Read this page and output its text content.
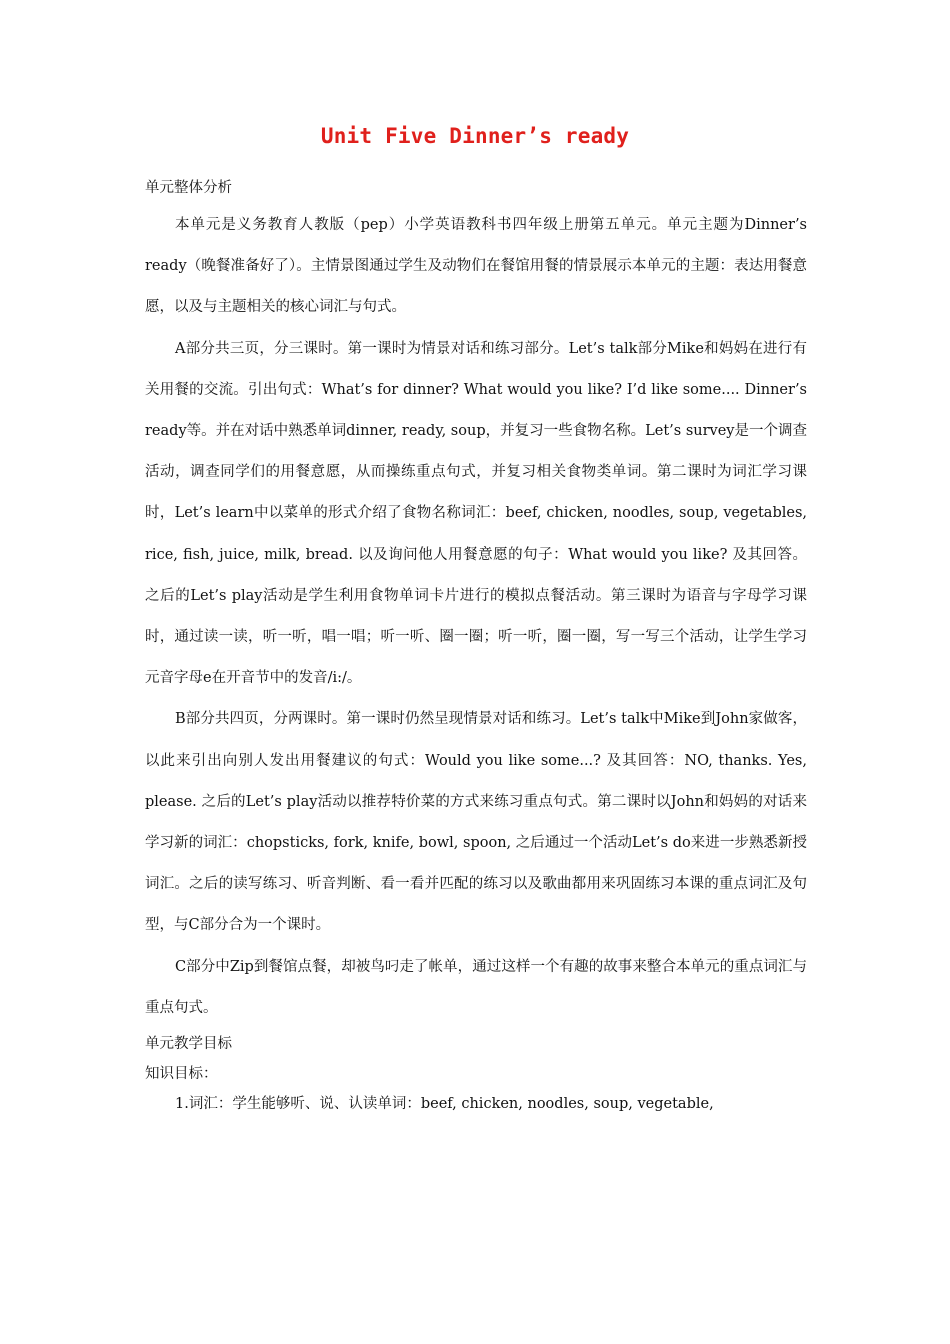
Unit Five Dinner’s ready

单元整体分析

本单元是义务教育人教版（pep）小学英语教科书四年级上册第五单元。单元主题为Dinner’s ready（晚餐准备好了）。主情景图通过学生及动物们在餐馆用餐的情景展示本单元的主题：表达用餐意愿，以及与主题相关的核心词汇与句式。

A部分共三页，分三课时。第一课时为情景对话和练习部分。Let’s talk部分Mike和妈妈在进行有关用餐的交流。引出句式：What’s for dinner? What would you like? I’d like some.... Dinner’s ready等。并在对话中熟悉单词dinner, ready, soup，并复习一些食物名称。Let’s survey是一个调查活动，调查同学们的用餐意愿，从而操练重点句式，并复习相关食物类单词。第二课时为词汇学习课时，Let’s learn中以菜单的形式介绍了食物名称词汇：beef, chicken, noodles, soup, vegetables, rice, fish, juice, milk, bread. 以及询问他人用餐意愿的句子：What would you like? 及其回答。之后的Let’s play活动是学生利用食物单词卡片进行的模拟点餐活动。第三课时为语音与字母学习课时，通过读一读，听一听，唱一唱；听一听、圈一圈；听一听，圈一圈，写一写三个活动，让学生学习元音字母e在开音节中的发音/i:/。

B部分共四页，分两课时。第一课时仍然呈现情景对话和练习。Let’s talk中Mike到John家做客，以此来引出向别人发出用餐建议的句式：Would you like some...? 及其回答：NO, thanks. Yes, please. 之后的Let’s play活动以推荐特价菜的方式来练习重点句式。第二课时以John和妈妈的对话来学习新的词汇：chopsticks, fork, knife, bowl, spoon, 之后通过一个活动Let’s do来进一步熟悉新授词汇。之后的读写练习、听音判断、看一看并匹配的练习以及歌曲都用来巩固练习本课的重点词汇及句型，与C部分合为一个课时。

C部分中Zip到餐馆点餐，却被鸟叼走了帐单，通过这样一个有趣的故事来整合本单元的重点词汇与重点句式。

单元教学目标

知识目标：

1.词汇：学生能够听、说、认读单词：beef, chicken, noodles, soup, vegetable,
